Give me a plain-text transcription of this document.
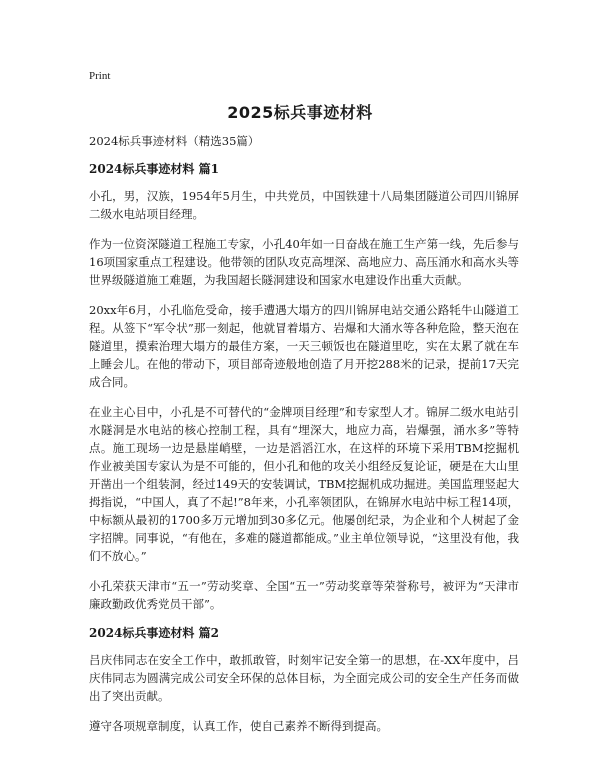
Print
2025标兵事迹材料

2024标兵事迹材料（精选35篇）

2024标兵事迹材料 篇1

小孔，男，汉族，1954年5月生，中共党员，中国铁建十八局集团隧道公司四川锦屏二级水电站项目经理。

作为一位资深隧道工程施工专家，小孔40年如一日奋战在施工生产第一线，先后参与16项国家重点工程建设。他带领的团队攻克高埋深、高地应力、高压涌水和高水头等世界级隧道施工难题，为我国超长隧洞建设和国家水电建设作出重大贡献。

20xx年6月，小孔临危受命，接手遭遇大塌方的四川锦屏电站交通公路牦牛山隧道工程。从签下“军令状”那一刻起，他就冒着塌方、岩爆和大涌水等各种危险，整天泡在隧道里，摸索治理大塌方的最佳方案，一天三顿饭也在隧道里吃，实在太累了就在车上睡会儿。在他的带动下，项目部奇迹般地创造了月开挖288米的记录，提前17天完成合同。

在业主心目中，小孔是不可替代的“金牌项目经理”和专家型人才。锦屏二级水电站引水隧洞是水电站的核心控制工程，具有“埋深大，地应力高，岩爆强，涌水多”等特点。施工现场一边是悬崖峭壁，一边是滔滔江水，在这样的环境下采用TBM挖掘机作业被美国专家认为是不可能的，但小孔和他的攻关小组经反复论证，硬是在大山里开凿出一个组装洞，经过149天的安装调试，TBM挖掘机成功掘进。美国监理竖起大拇指说，“中国人，真了不起!”8年来，小孔率领团队，在锦屏水电站中标工程14项，中标额从最初的1700多万元增加到30多亿元。他屡创纪录，为企业和个人树起了金字招牌。同事说，“有他在，多难的隧道都能成。”业主单位领导说，“这里没有他，我们不放心。”

小孔荣获天津市“五一”劳动奖章、全国“五一”劳动奖章等荣誉称号，被评为“天津市廉政勤政优秀党员干部”。

2024标兵事迹材料 篇2

吕庆伟同志在安全工作中，敢抓敢管，时刻牢记安全第一的思想，在-XX年度中，吕庆伟同志为圆满完成公司安全环保的总体目标，为全面完成公司的安全生产任务而做出了突出贡献。

遵守各项规章制度，认真工作，使自己素养不断得到提高。
